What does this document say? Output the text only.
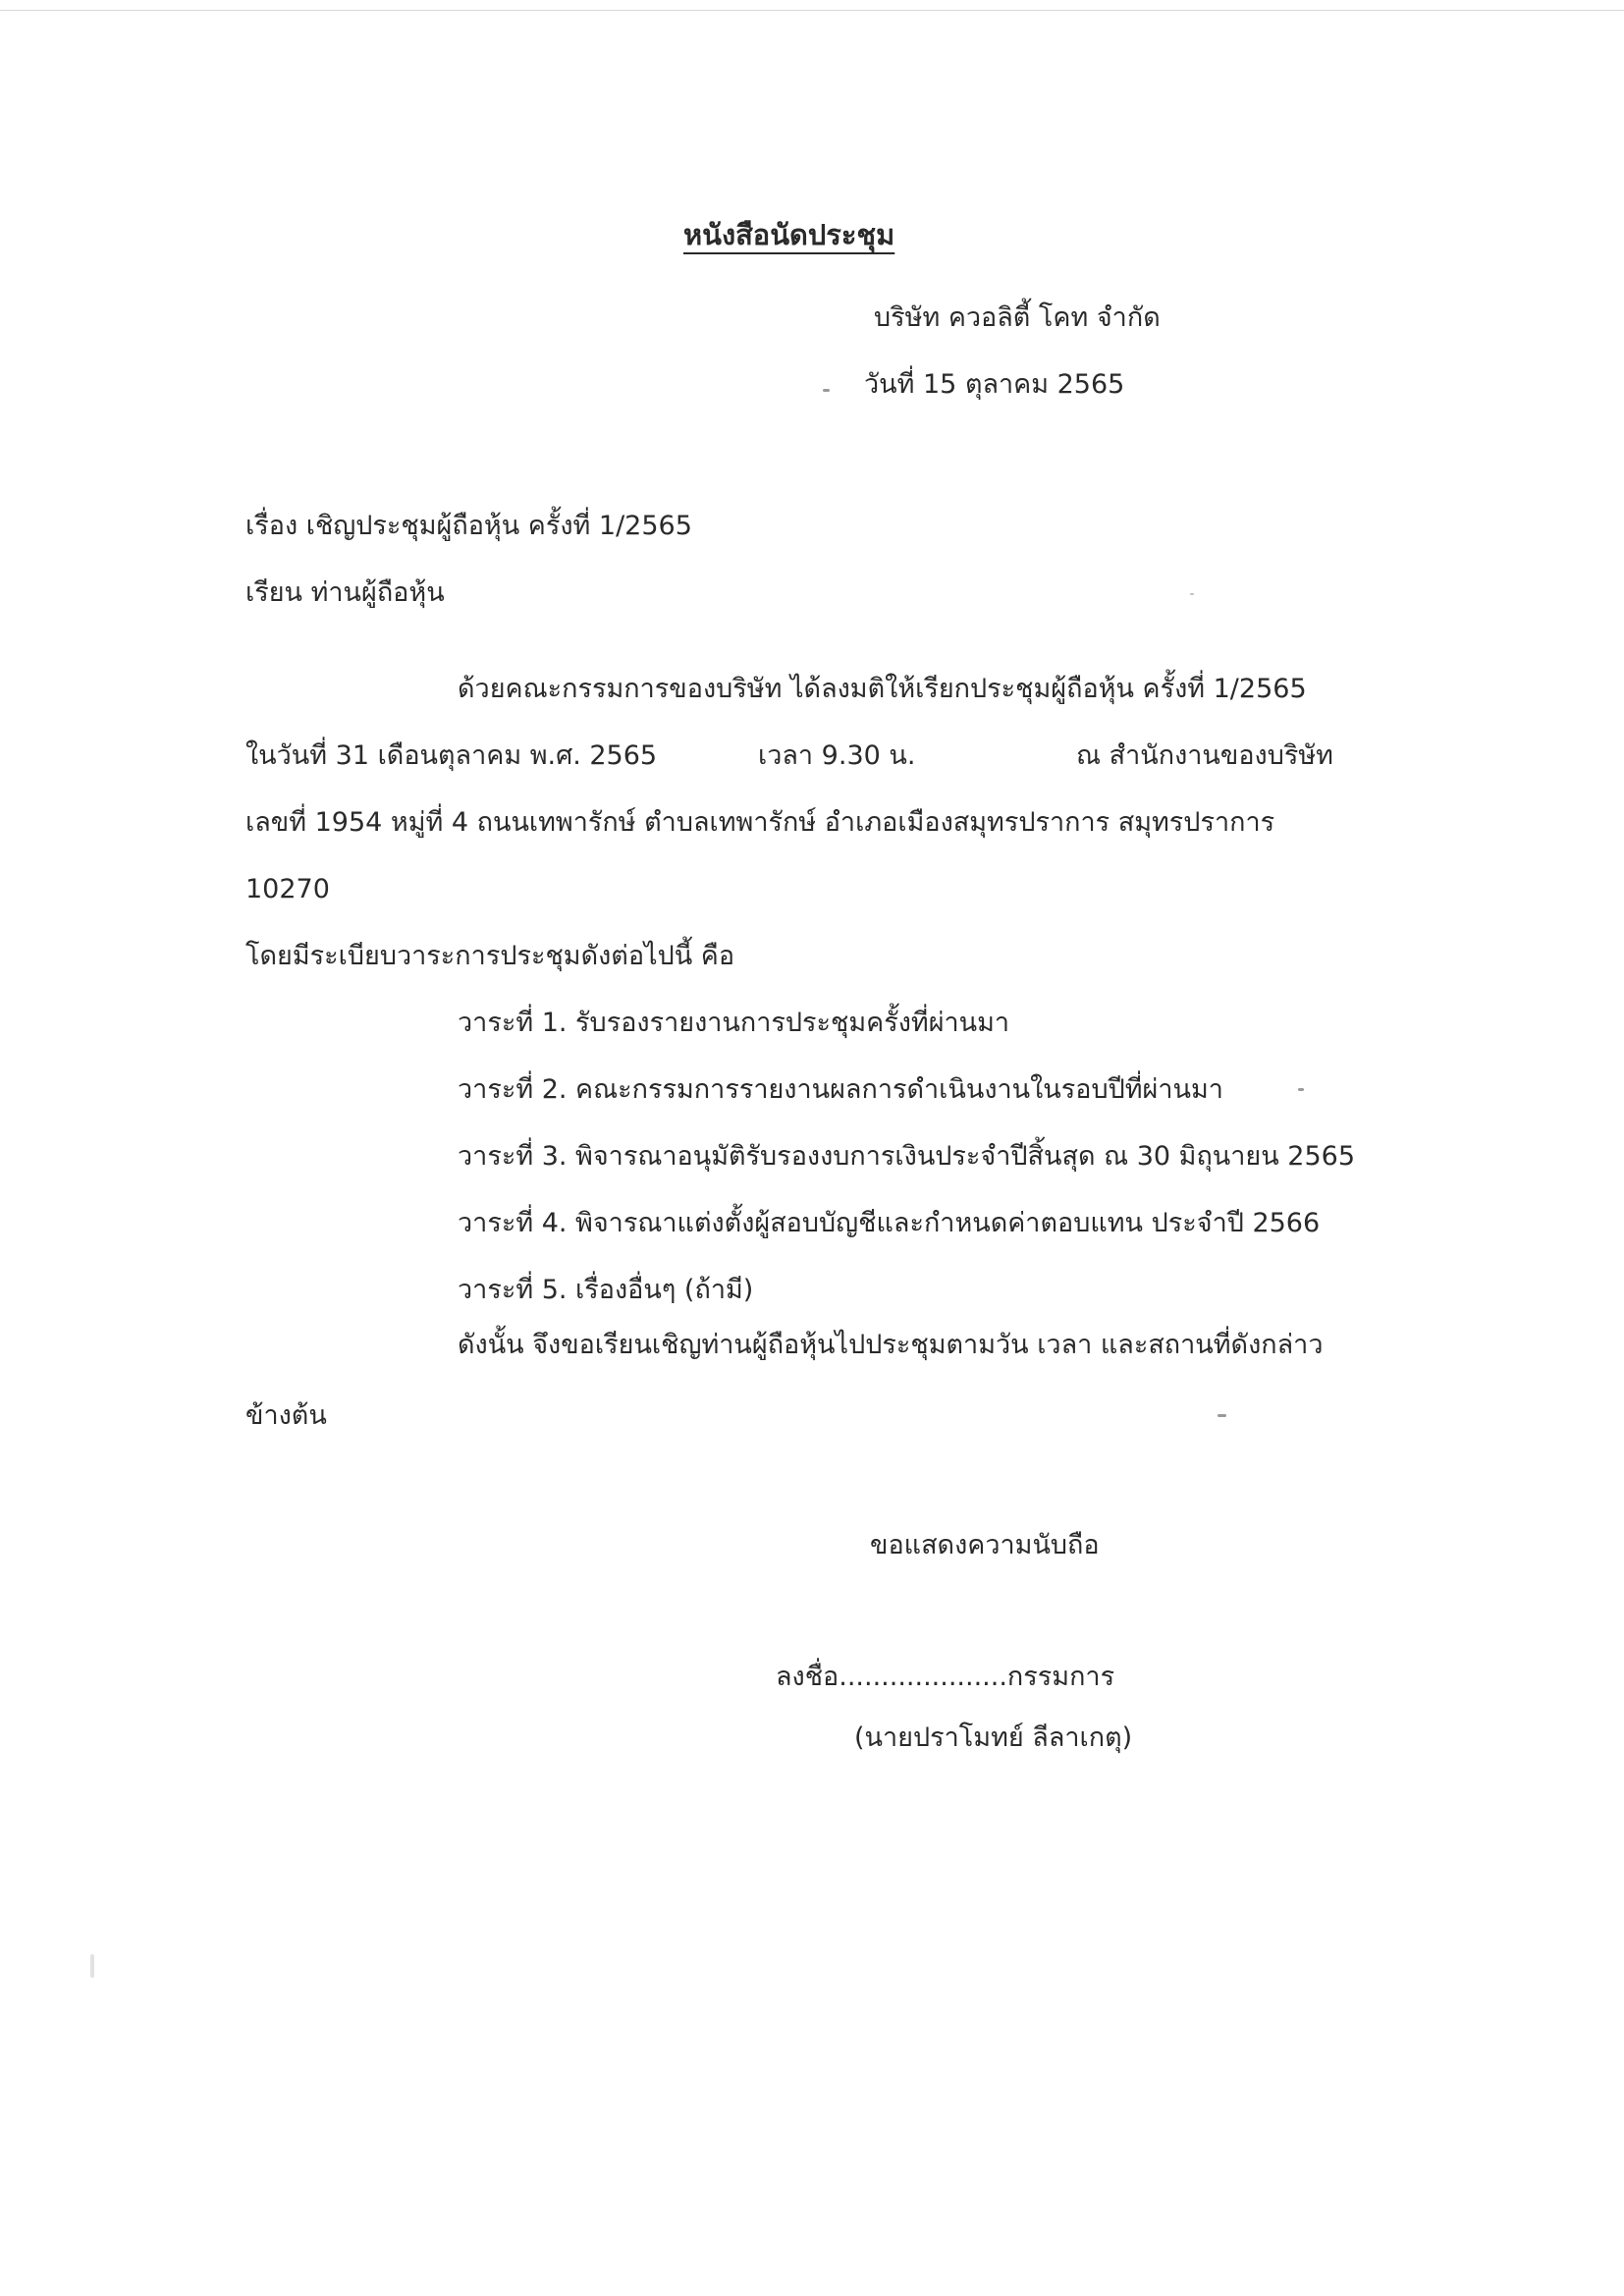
หนังสือนัดประชุม
บริษัท ควอลิตี้ โคท จำกัด
วันที่ 15 ตุลาคม 2565
เรื่อง เชิญประชุมผู้ถือหุ้น ครั้งที่ 1/2565
เรียน ท่านผู้ถือหุ้น
ด้วยคณะกรรมการของบริษัท ได้ลงมติให้เรียกประชุมผู้ถือหุ้น ครั้งที่ 1/2565
ในวันที่ 31 เดือนตุลาคม พ.ศ. 2565	เวลา 9.30 น.	ณ สำนักงานของบริษัท
เลขที่ 1954 หมู่ที่ 4 ถนนเทพารักษ์ ตำบลเทพารักษ์ อำเภอเมืองสมุทรปราการ สมุทรปราการ
10270
โดยมีระเบียบวาระการประชุมดังต่อไปนี้ คือ
วาระที่ 1. รับรองรายงานการประชุมครั้งที่ผ่านมา
วาระที่ 2. คณะกรรมการรายงานผลการดำเนินงานในรอบปีที่ผ่านมา
วาระที่ 3. พิจารณาอนุมัติรับรองงบการเงินประจำปีสิ้นสุด ณ 30 มิถุนายน 2565
วาระที่ 4. พิจารณาแต่งตั้งผู้สอบบัญชีและกำหนดค่าตอบแทน ประจำปี 2566
วาระที่ 5. เรื่องอื่นๆ (ถ้ามี)
ดังนั้น จึงขอเรียนเชิญท่านผู้ถือหุ้นไปประชุมตามวัน เวลา และสถานที่ดังกล่าว
ข้างต้น
ขอแสดงความนับถือ
ลงชื่อ....................กรรมการ
(นายปราโมทย์ ลีลาเกตุ)
